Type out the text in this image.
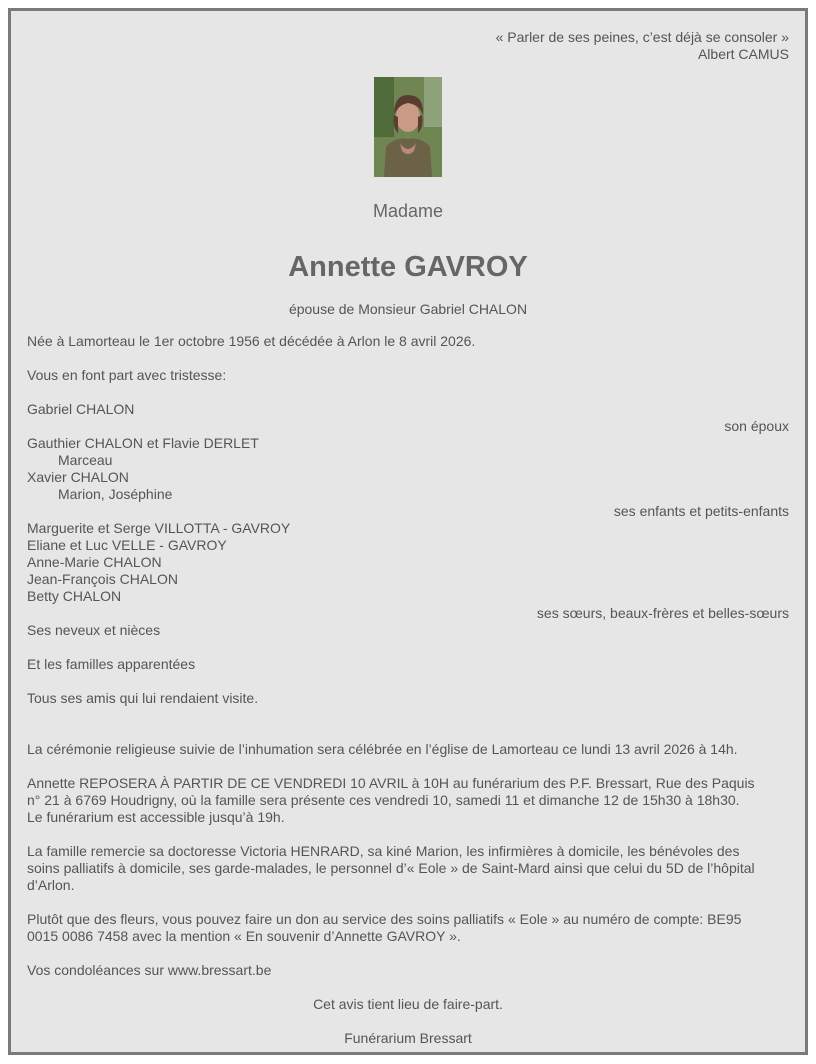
« Parler de ses peines, c’est déjà se consoler »
Albert CAMUS
Madame
Annette GAVROY
épouse de Monsieur Gabriel CHALON
Née à Lamorteau le 1er octobre 1956 et décédée à Arlon le 8 avril 2026.
Vous en font part avec tristesse:
Gabriel CHALON
son époux
Gauthier CHALON et Flavie DERLET
Marceau
Xavier CHALON
Marion, Joséphine
ses enfants et petits-enfants
Marguerite et Serge VILLOTTA - GAVROY
Eliane et Luc VELLE - GAVROY
Anne-Marie CHALON
Jean-François CHALON
Betty CHALON
ses sœurs, beaux-frères et belles-sœurs
Ses neveux et nièces
Et les familles apparentées
Tous ses amis qui lui rendaient visite.
La cérémonie religieuse suivie de l’inhumation sera célébrée en l’église de Lamorteau ce lundi 13 avril 2026 à 14h.
Annette REPOSERA À PARTIR DE CE VENDREDI 10 AVRIL à 10H au funérarium des P.F. Bressart, Rue des Paquis
n° 21 à 6769 Houdrigny, où la famille sera présente ces vendredi 10, samedi 11 et dimanche 12 de 15h30 à 18h30.
Le funérarium est accessible jusqu’à 19h.
La famille remercie sa doctoresse Victoria HENRARD, sa kiné Marion, les infirmières à domicile, les bénévoles des
soins palliatifs à domicile, ses garde-malades, le personnel d’« Eole » de Saint-Mard ainsi que celui du 5D de l’hôpital
d’Arlon.
Plutôt que des fleurs, vous pouvez faire un don au service des soins palliatifs « Eole » au numéro de compte: BE95
0015 0086 7458 avec la mention « En souvenir d’Annette GAVROY ».
Vos condoléances sur www.bressart.be
Cet avis tient lieu de faire-part.
Funérarium Bressart
